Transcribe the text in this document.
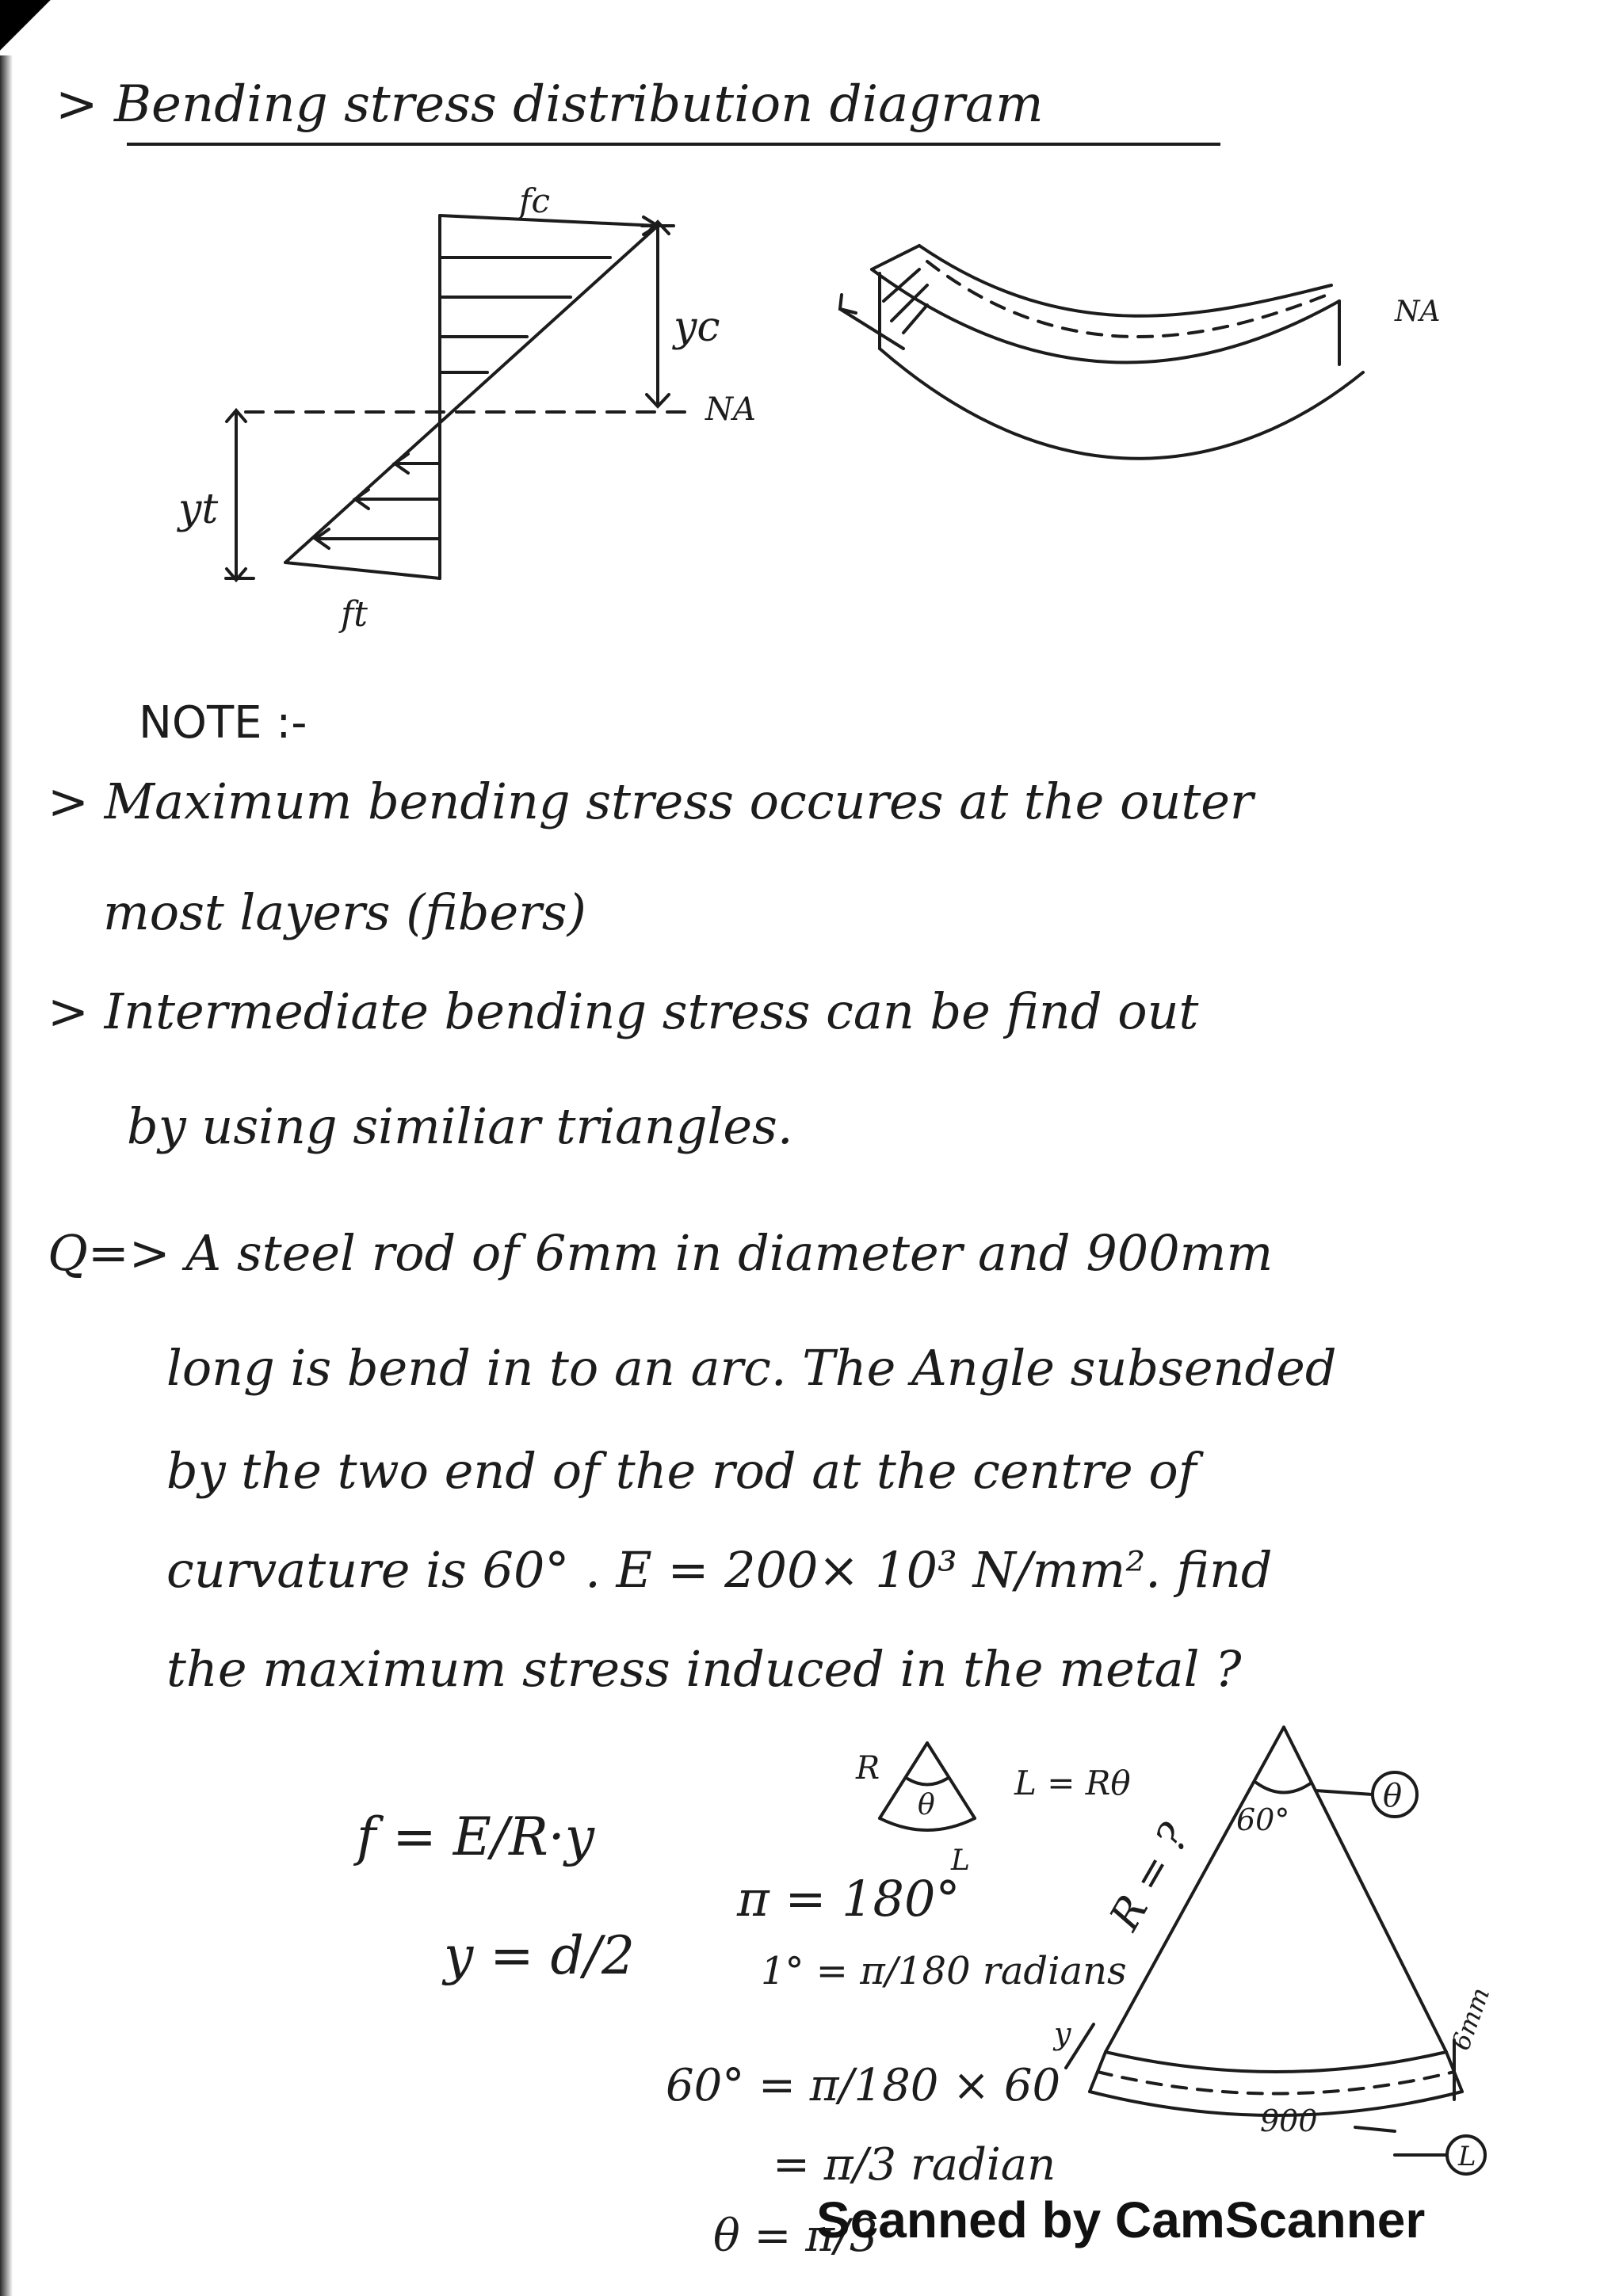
> Bending stress distribution diagram
fc
yc
NA
yt
ft
NA
R
θ
L
L = Rθ
R = ? 60°
θ
y	6mm
900
L
NOTE :-
> Maximum bending stress occures at the outer
most layers (fibers)
> Intermediate bending stress can be find out
by using similiar triangles.
Q=> A steel rod of 6mm in diameter and 900mm
long is bend in to an arc. The Angle subsended
by the two end of the rod at the centre of
curvature is 60° . E = 200× 10³ N/mm². find
the maximum stress induced in the metal ?
f = E/R·y
y = d/2
π = 180°
1° = π/180 radians
60° = π/180 × 60
= π/3 radian
θ = π/3
Scanned by CamScanner
